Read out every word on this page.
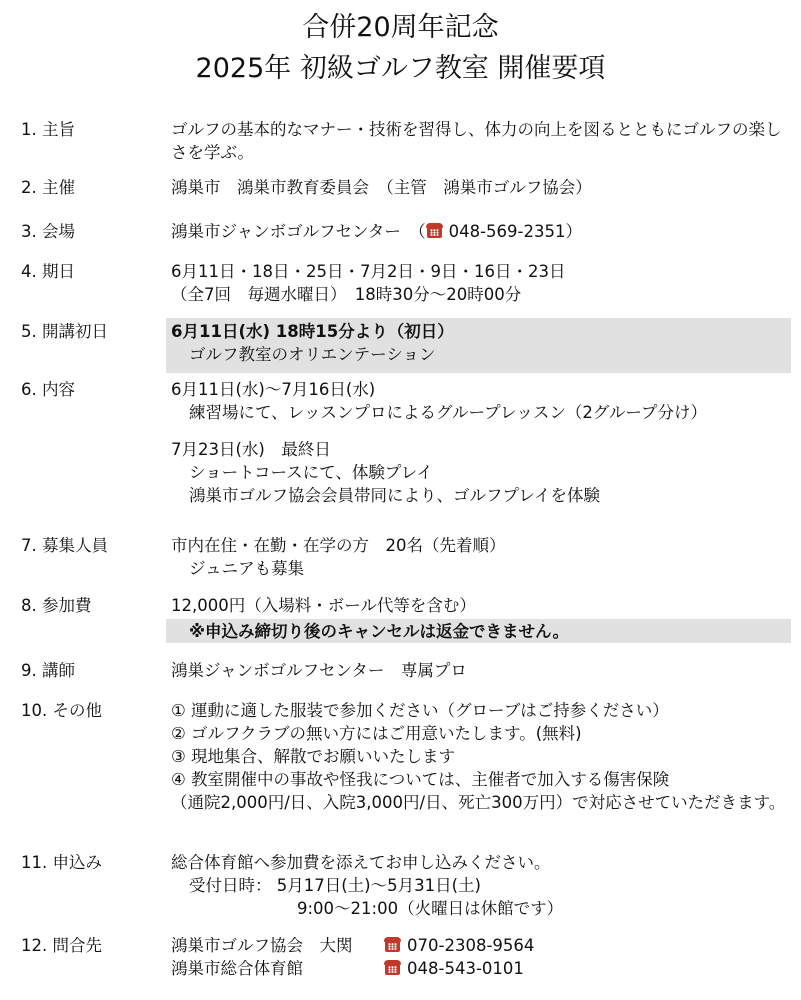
合併20周年記念
2025年 初級ゴルフ教室 開催要項
1. 主旨	ゴルフの基本的なマナー・技術を習得し、体力の向上を図るとともにゴルフの楽しさを学ぶ。
2. 主催	鴻巣市　鴻巣市教育委員会　（主管　鴻巣市ゴルフ協会）
3. 会場	鴻巣市ジャンボゴルフセンター　（ 048-569-2351）
4. 期日	6月11日・18日・25日・7月2日・9日・16日・23日
（全7回　毎週水曜日）　18時30分～20時00分
5. 開講初日	6月11日(水) 18時15分より（初日）
ゴルフ教室のオリエンテーション
6. 内容	6月11日(水)～7月16日(水)
練習場にて、レッスンプロによるグループレッスン（2グループ分け）
7月23日(水)　最終日
ショートコースにて、体験プレイ
鴻巣市ゴルフ協会会員帯同により、ゴルフプレイを体験
7. 募集人員	市内在住・在勤・在学の方　20名（先着順）
ジュニアも募集
8. 参加費	12,000円（入場料・ボール代等を含む）
※申込み締切り後のキャンセルは返金できません。
9. 講師	鴻巣ジャンボゴルフセンター　専属プロ
10. その他	① 運動に適した服装で参加ください（グローブはご持参ください）
② ゴルフクラブの無い方にはご用意いたします。(無料)
③ 現地集合、解散でお願いいたします
④ 教室開催中の事故や怪我については、主催者で加入する傷害保険
（通院2,000円/日、入院3,000円/日、死亡300万円）で対応させていただきます。
11. 申込み	総合体育館へ参加費を添えてお申し込みください。
受付日時： 5月17日(土)～5月31日(土)
9:00～21:00（火曜日は休館です）
12. 問合先	鴻巣市ゴルフ協会　大関	070-2308-9564
鴻巣市総合体育館	048-543-0101
